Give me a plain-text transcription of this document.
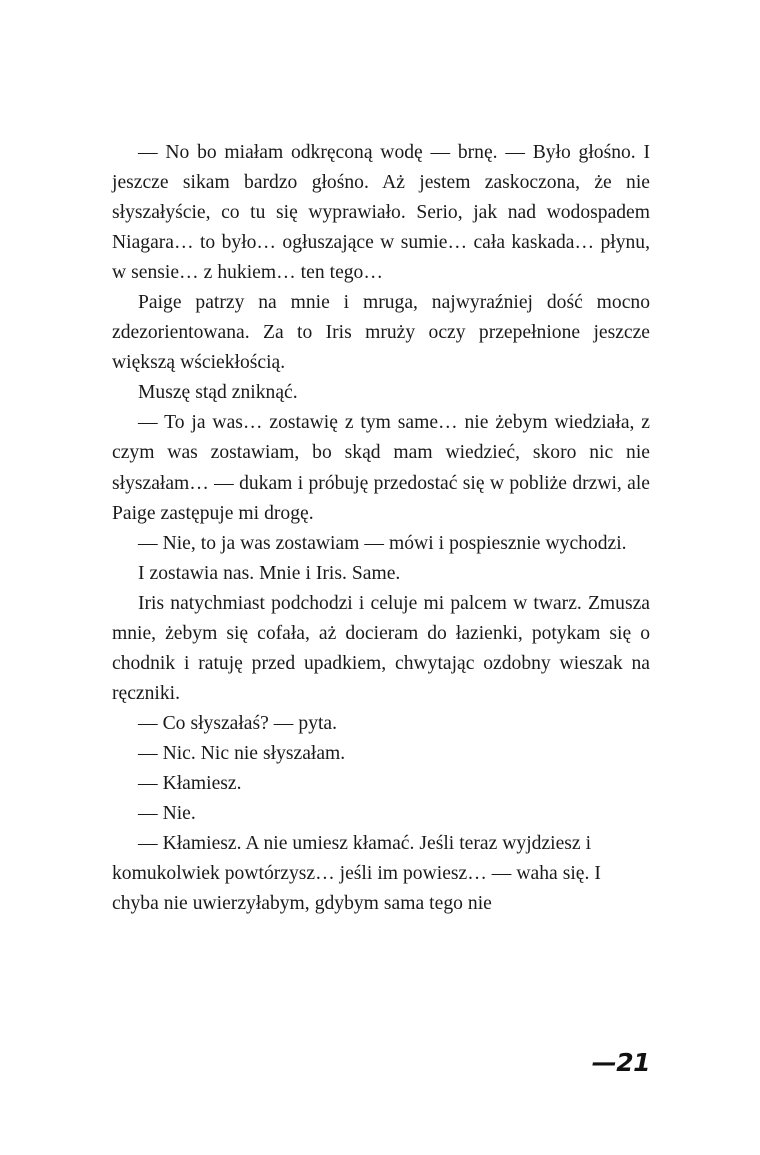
— No bo miałam odkręconą wodę — brnę. — Było głośno. I jeszcze sikam bardzo głośno. Aż jestem zaskoczona, że nie słyszałyście, co tu się wyprawiało. Serio, jak nad wodospadem Niagara… to było… ogłuszające w sumie… cała kaskada… płynu, w sensie… z hukiem… ten tego…

Paige patrzy na mnie i mruga, najwyraźniej dość mocno zdezorientowana. Za to Iris mruży oczy przepełnione jeszcze większą wściekłością.

Muszę stąd zniknąć.

— To ja was… zostawię z tym same… nie żebym wiedziała, z czym was zostawiam, bo skąd mam wiedzieć, skoro nic nie słyszałam… — dukam i próbuję przedostać się w pobliże drzwi, ale Paige zastępuje mi drogę.

— Nie, to ja was zostawiam — mówi i pospiesznie wychodzi.

I zostawia nas. Mnie i Iris. Same.

Iris natychmiast podchodzi i celuje mi palcem w twarz. Zmusza mnie, żebym się cofała, aż docieram do łazienki, potykam się o chodnik i ratuję przed upadkiem, chwytając ozdobny wieszak na ręczniki.

— Co słyszałaś? — pyta.

— Nic. Nic nie słyszałam.

— Kłamiesz.

— Nie.

— Kłamiesz. A nie umiesz kłamać. Jeśli teraz wyjdziesz i komukolwiek powtórzysz… jeśli im powiesz… — waha się. I chyba nie uwierzyłabym, gdybym sama tego nie

—21
